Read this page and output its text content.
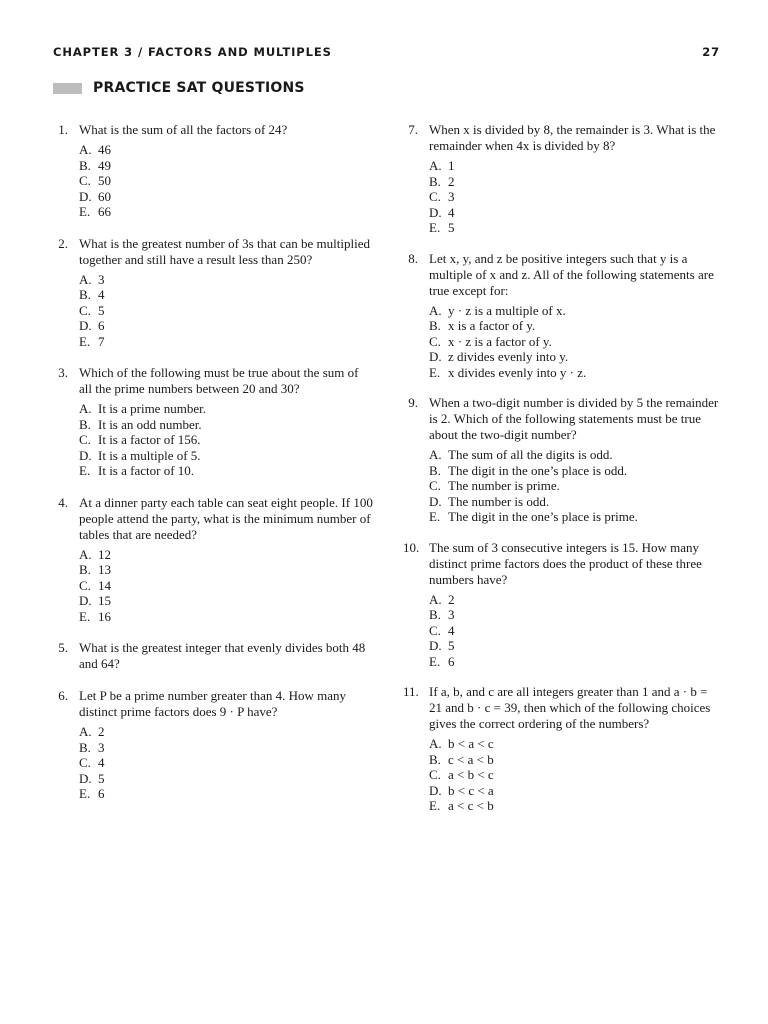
CHAPTER 3 / FACTORS AND MULTIPLES	27
PRACTICE SAT QUESTIONS
1. What is the sum of all the factors of 24?

A. 46
B. 49
C. 50
D. 60
E. 66
2. What is the greatest number of 3s that can be multiplied together and still have a result less than 250?

A. 3
B. 4
C. 5
D. 6
E. 7
3. Which of the following must be true about the sum of all the prime numbers between 20 and 30?

A. It is a prime number.
B. It is an odd number.
C. It is a factor of 156.
D. It is a multiple of 5.
E. It is a factor of 10.
4. At a dinner party each table can seat eight people. If 100 people attend the party, what is the minimum number of tables that are needed?

A. 12
B. 13
C. 14
D. 15
E. 16
5. What is the greatest integer that evenly divides both 48 and 64?

6. Let P be a prime number greater than 4. How many distinct prime factors does 9 · P have?

A. 2
B. 3
C. 4
D. 5
E. 6
7. When x is divided by 8, the remainder is 3. What is the remainder when 4x is divided by 8?

A. 1
B. 2
C. 3
D. 4
E. 5
8. Let x, y, and z be positive integers such that y is a multiple of x and z. All of the following statements are true except for:

A. y · z is a multiple of x.
B. x is a factor of y.
C. x · z is a factor of y.
D. z divides evenly into y.
E. x divides evenly into y · z.
9. When a two-digit number is divided by 5 the remainder is 2. Which of the following statements must be true about the two-digit number?

A. The sum of all the digits is odd.
B. The digit in the one’s place is odd.
C. The number is prime.
D. The number is odd.
E. The digit in the one’s place is prime.
10. The sum of 3 consecutive integers is 15. How many distinct prime factors does the product of these three numbers have?

A. 2
B. 3
C. 4
D. 5
E. 6
11. If a, b, and c are all integers greater than 1 and a · b = 21 and b · c = 39, then which of the following choices gives the correct ordering of the numbers?

A. b < a < c
B. c < a < b
C. a < b < c
D. b < c < a
E. a < c < b
